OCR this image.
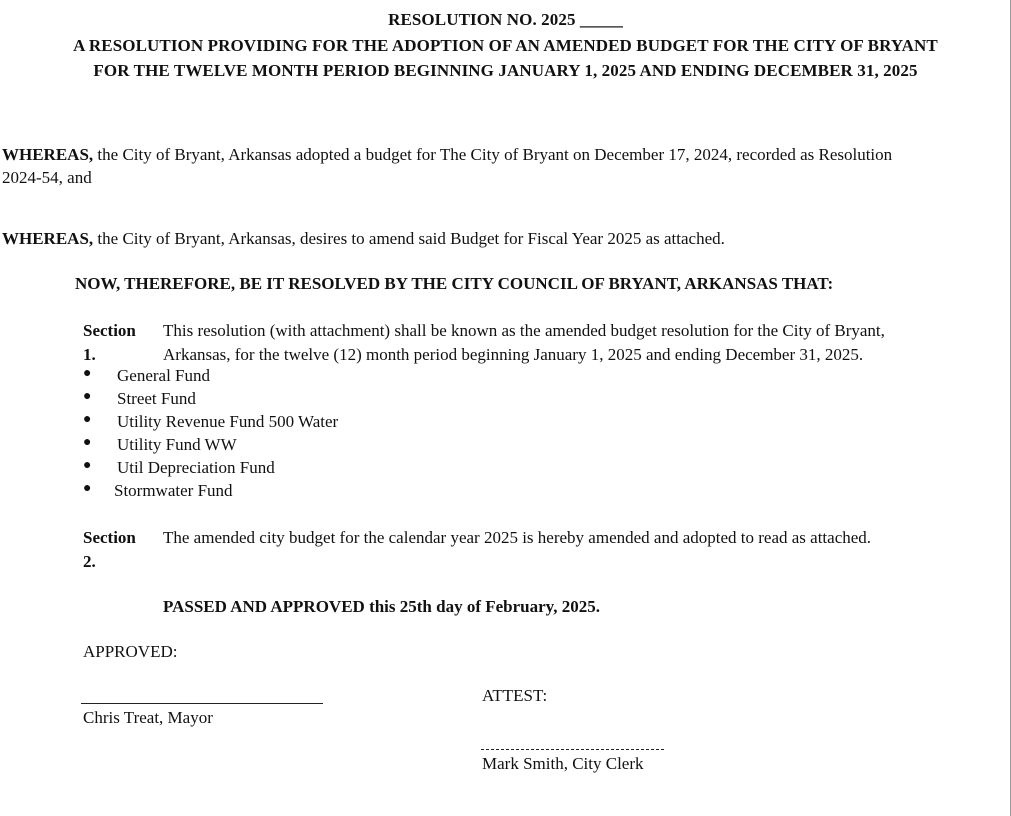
RESOLUTION NO. 2025 _____
A RESOLUTION PROVIDING FOR THE ADOPTION OF AN AMENDED BUDGET FOR THE CITY OF BRYANT
FOR THE TWELVE MONTH PERIOD BEGINNING JANUARY 1, 2025 AND ENDING DECEMBER 31, 2025
WHEREAS, the City of Bryant, Arkansas adopted a budget for The City of Bryant on December 17, 2024, recorded as Resolution
2024-54, and
WHEREAS, the City of Bryant, Arkansas, desires to amend said Budget for Fiscal Year 2025 as attached.
NOW, THEREFORE, BE IT RESOLVED BY THE CITY COUNCIL OF BRYANT, ARKANSAS THAT:
Section
1.
This resolution (with attachment) shall be known as the amended budget resolution for the City of Bryant,
Arkansas, for the twelve (12) month period beginning January 1, 2025 and ending December 31, 2025.
● General Fund
● Street Fund
● Utility Revenue Fund 500 Water
● Utility Fund WW
● Util Depreciation Fund
● Stormwater Fund
Section
2.
The amended city budget for the calendar year 2025 is hereby amended and adopted to read as attached.
PASSED AND APPROVED this 25th day of February, 2025.
APPROVED:
Chris Treat, Mayor
ATTEST:
Mark Smith, City Clerk
